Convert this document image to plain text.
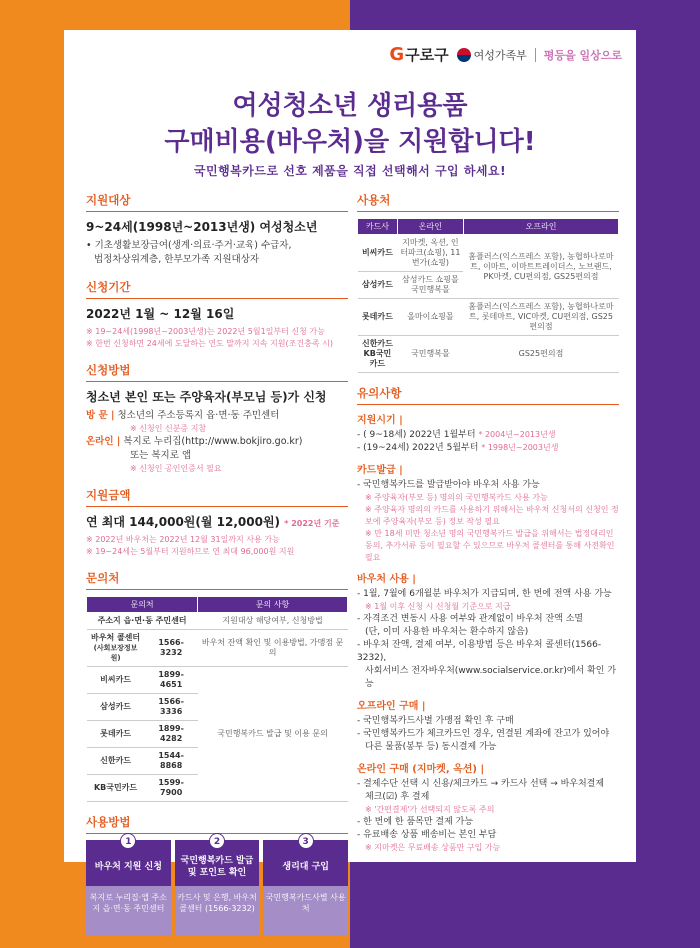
G 구로구 여성가족부 평등을 일상으로
여성청소년 생리용품
구매비용(바우처)을 지원합니다!
국민행복카드로 선호 제품을 직접 선택해서 구입 하세요!
지원대상
9~24세(1998년~2013년생) 여성청소년
• 기초생활보장급여(생계·의료·주거·교육) 수급자,
법정차상위계층, 한부모가족 지원대상자
신청기간
2022년 1월 ~ 12월 16일
※ 19~24세(1998년~2003년생)는 2022년 5월1일부터 신청 가능
※ 한번 신청하면 24세에 도달하는 연도 말까지 지속 지원(조건충족 시)
신청방법
청소년 본인 또는 주양육자(부모님 등)가 신청
방 문 | 청소년의 주소등록지 읍·면·동 주민센터
※ 신청인 신분증 지참
온라인 | 복지로 누리집(http://www.bokjiro.go.kr)
또는 복지로 앱
※ 신청인 공인인증서 필요
지원금액
연 최대 144,000원(월 12,000원) * 2022년 기준
※ 2022년 바우처는 2022년 12월 31일까지 사용 가능
※ 19~24세는 5월부터 지원하므로 연 최대 96,000원 지원
문의처
문의처		문의 사항
주소지 읍·면·동 주민센터		지원대상 해당여부, 신청방법

바우처 콜센터
(사회보장정보원)	1566-3232	바우처 잔액 확인 및 이용방법, 가맹점 문의
비씨카드	1899-4651	국민행복카드 발급 및 이용 문의
삼성카드	1566-3336	
롯데카드	1899-4282	
신한카드	1544-8868	
KB국민카드	1599-7900	
사용방법
1
바우처 지원 신청
복지로 누리집·앱 주소지 읍·면·동 주민센터
2
국민행복카드 발급 및 포인트 확인
카드사 및 은행, 바우처 콜센터 (1566-3232)
3
생리대 구입
국민행복카드사별 사용처
사용처
카드사	온라인	오프라인
비씨카드	지마켓, 옥션, 인터파크(쇼핑), 11번가(쇼핑)	홈플러스(익스프레스 포함), 농협하나로마트, 이마트, 이마트트레이더스, 노브랜드, PK마켓, CU편의점, GS25편의점
삼성카드	삼성카드 쇼핑몰 국민행복몰	
롯데카드	올마이쇼핑몰	홈플러스(익스프레스 포함), 농협하나로마트, 롯데마트, VIC마켓, CU편의점, GS25편의점
신한카드 KB국민카드	국민행복몰	GS25편의점
유의사항
지원시기 |
- ( 9~18세) 2022년 1월부터 * 2004년~2013년생
- (19~24세) 2022년 5월부터 * 1998년~2003년생
카드발급 |
- 국민행복카드를 발급받아야 바우처 사용 가능
※ 주양육자(부모 등) 명의의 국민행복카드 사용 가능
※ 주양육자 명의의 카드를 사용하기 위해서는 바우처 신청서의 신청인 정보에 주양육자(부모 등) 정보 작성 필요
※ 만 18세 미만 청소년 명의 국민행복카드 발급을 위해서는 법정대리인 동의, 추가서류 등이 필요할 수 있으므로 바우처 콜센터를 통해 사전확인 필요
바우처 사용 |
- 1월, 7월에 6개월분 바우처가 지급되며, 한 번에 전액 사용 가능
※ 1월 이후 신청 시 신청월 기준으로 지급
- 자격조건 변동시 사용 여부와 관계없이 바우처 잔액 소멸
(단, 이미 사용한 바우처는 환수하지 않음)
- 바우처 잔액, 결제 여부, 이용방법 등은 바우처 콜센터(1566-3232),
사회서비스 전자바우처(www.socialservice.or.kr)에서 확인 가능
오프라인 구매 |
- 국민행복카드사별 가맹점 확인 후 구매
- 국민행복카드가 체크카드인 경우, 연결된 계좌에 잔고가 있어야
다른 물품(봉투 등) 동시결제 가능
온라인 구매 (지마켓, 옥션) |
- 결제수단 선택 시 신용/체크카드 → 카드사 선택 → 바우처결제
체크(☑) 후 결제
※ '간편결제'가 선택되지 않도록 주의
- 한 번에 한 품목만 결제 가능
- 유료배송 상품 배송비는 본인 부담
※ 지마켓은 무료배송 상품만 구입 가능
